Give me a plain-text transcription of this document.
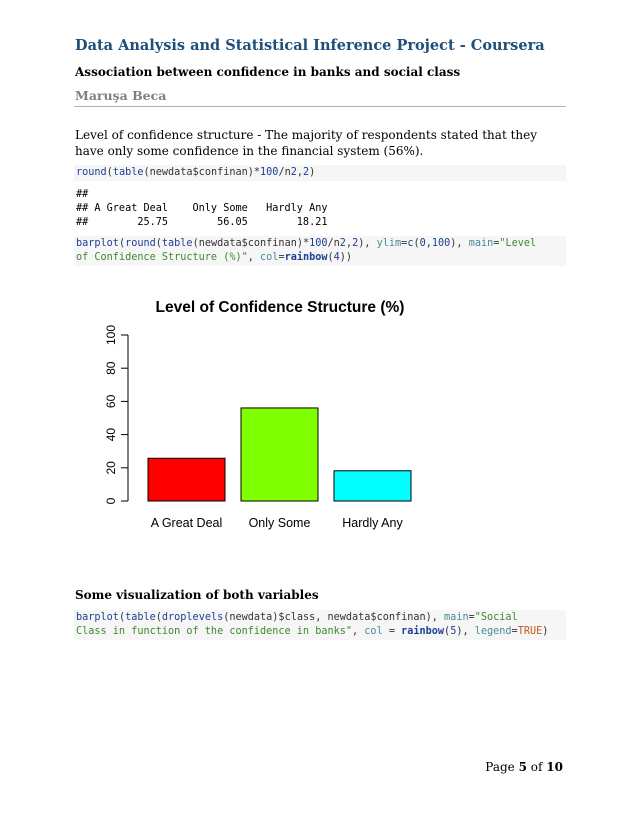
Data Analysis and Statistical Inference Project - Coursera
Association between confidence in banks and social class
Maruşa Beca
Level of confidence structure - The majority of respondents stated that they have only some confidence in the financial system (56%).
round(table(newdata$confinan)*100/n2,2)
##
## A Great Deal    Only Some   Hardly Any
##        25.75        56.05        18.21
barplot(round(table(newdata$confinan)*100/n2,2), ylim=c(0,100), main="Level
of Confidence Structure (%)", col=rainbow(4))
Level of Confidence Structure (%)
0
20
40
60
80
100
A Great Deal Only Some	Hardly Any
Some visualization of both variables
barplot(table(droplevels(newdata)$class, newdata$confinan), main="Social
Class in function of the confidence in banks", col = rainbow(5), legend=TRUE)
Page 5 of 10
